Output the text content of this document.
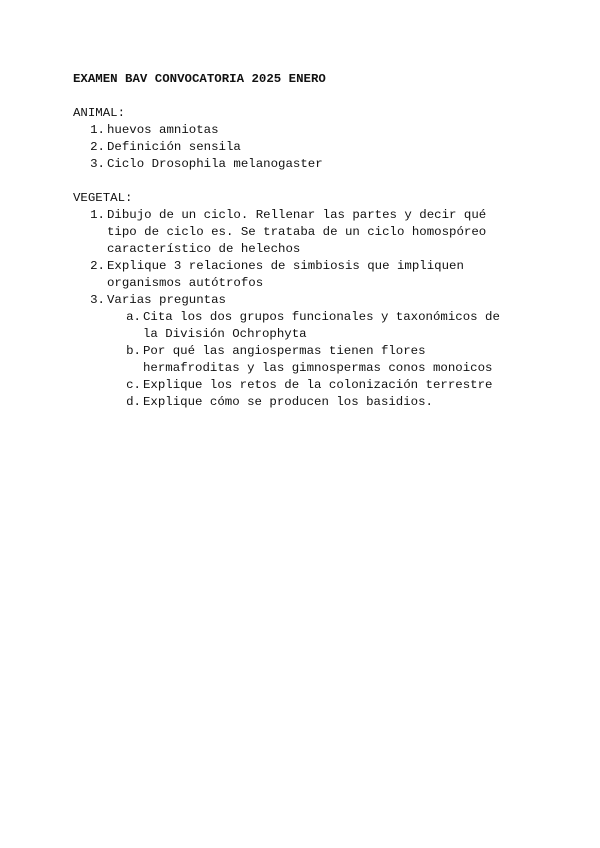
EXAMEN BAV CONVOCATORIA 2025 ENERO
ANIMAL:
1. huevos amniotas
2. Definición sensila
3. Ciclo Drosophila melanogaster
VEGETAL:
1. Dibujo de un ciclo. Rellenar las partes y decir qué
tipo de ciclo es. Se trataba de un ciclo homospóreo
característico de helechos
2. Explique 3 relaciones de simbiosis que impliquen
organismos autótrofos
3. Varias preguntas
a. Cita los dos grupos funcionales y taxonómicos de
la División Ochrophyta
b. Por qué las angiospermas tienen flores
hermafroditas y las gimnospermas conos monoicos
c. Explique los retos de la colonización terrestre
d. Explique cómo se producen los basidios.
